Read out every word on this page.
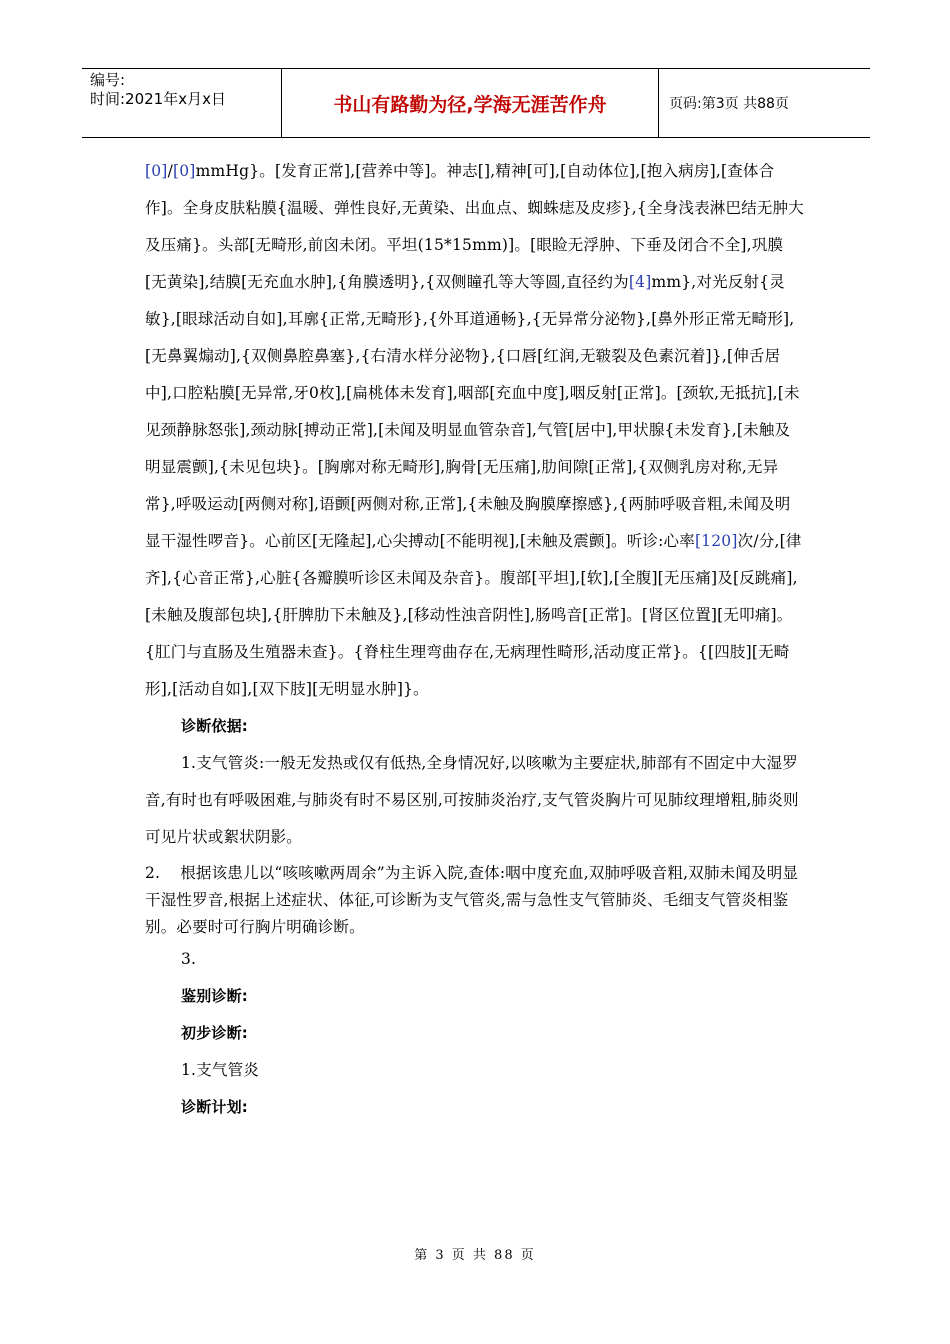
编号:
时间:2021年x月x日	书山有路勤为径,学海无涯苦作舟	页码:第3页 共88页

[0]/[0]mmHg}。[发育正常],[营养中等]。神志[],精神[可],[自动体位],[抱入病房],[查体合作]。全身皮肤粘膜{温暖、弹性良好,无黄染、出血点、蜘蛛痣及皮疹},{全身浅表淋巴结无肿大及压痛}。头部[无畸形,前囟未闭。平坦(15*15mm)]。[眼睑无浮肿、下垂及闭合不全],巩膜[无黄染],结膜[无充血水肿],{角膜透明},{双侧瞳孔等大等圆,直径约为[4]mm},对光反射{灵敏},[眼球活动自如],耳廓{正常,无畸形},{外耳道通畅},{无异常分泌物},[鼻外形正常无畸形],[无鼻翼煽动],{双侧鼻腔鼻塞},{右清水样分泌物},{口唇[红润,无皲裂及色素沉着]},[伸舌居中],口腔粘膜[无异常,牙0枚],[扁桃体未发育],咽部[充血中度],咽反射[正常]。[颈软,无抵抗],[未见颈静脉怒张],颈动脉[搏动正常],[未闻及明显血管杂音],气管[居中],甲状腺{未发育},[未触及明显震颤],{未见包块}。[胸廓对称无畸形],胸骨[无压痛],肋间隙[正常],{双侧乳房对称,无异常},呼吸运动[两侧对称],语颤[两侧对称,正常],{未触及胸膜摩擦感},{两肺呼吸音粗,未闻及明显干湿性啰音}。心前区[无隆起],心尖搏动[不能明视],[未触及震颤]。听诊:心率[120]次/分,[律齐],{心音正常},心脏{各瓣膜听诊区未闻及杂音}。腹部[平坦],[软],[全腹][无压痛]及[反跳痛],[未触及腹部包块],{肝脾肋下未触及},[移动性浊音阴性],肠鸣音[正常]。[肾区位置][无叩痛]。{肛门与直肠及生殖器未查}。{脊柱生理弯曲存在,无病理性畸形,活动度正常}。{[四肢][无畸形],[活动自如],[双下肢][无明显水肿]}。

诊断依据:

1.支气管炎:一般无发热或仅有低热,全身情况好,以咳嗽为主要症状,肺部有不固定中大湿罗音,有时也有呼吸困难,与肺炎有时不易区别,可按肺炎治疗,支气管炎胸片可见肺纹理增粗,肺炎则可见片状或絮状阴影。

2. 根据该患儿以“咳咳嗽两周余”为主诉入院,查体:咽中度充血,双肺呼吸音粗,双肺未闻及明显干湿性罗音,根据上述症状、体征,可诊断为支气管炎,需与急性支气管肺炎、毛细支气管炎相鉴别。必要时可行胸片明确诊断。

3.

鉴别诊断:

初步诊断:

1.支气管炎

诊断计划:

第 3 页 共 88 页
